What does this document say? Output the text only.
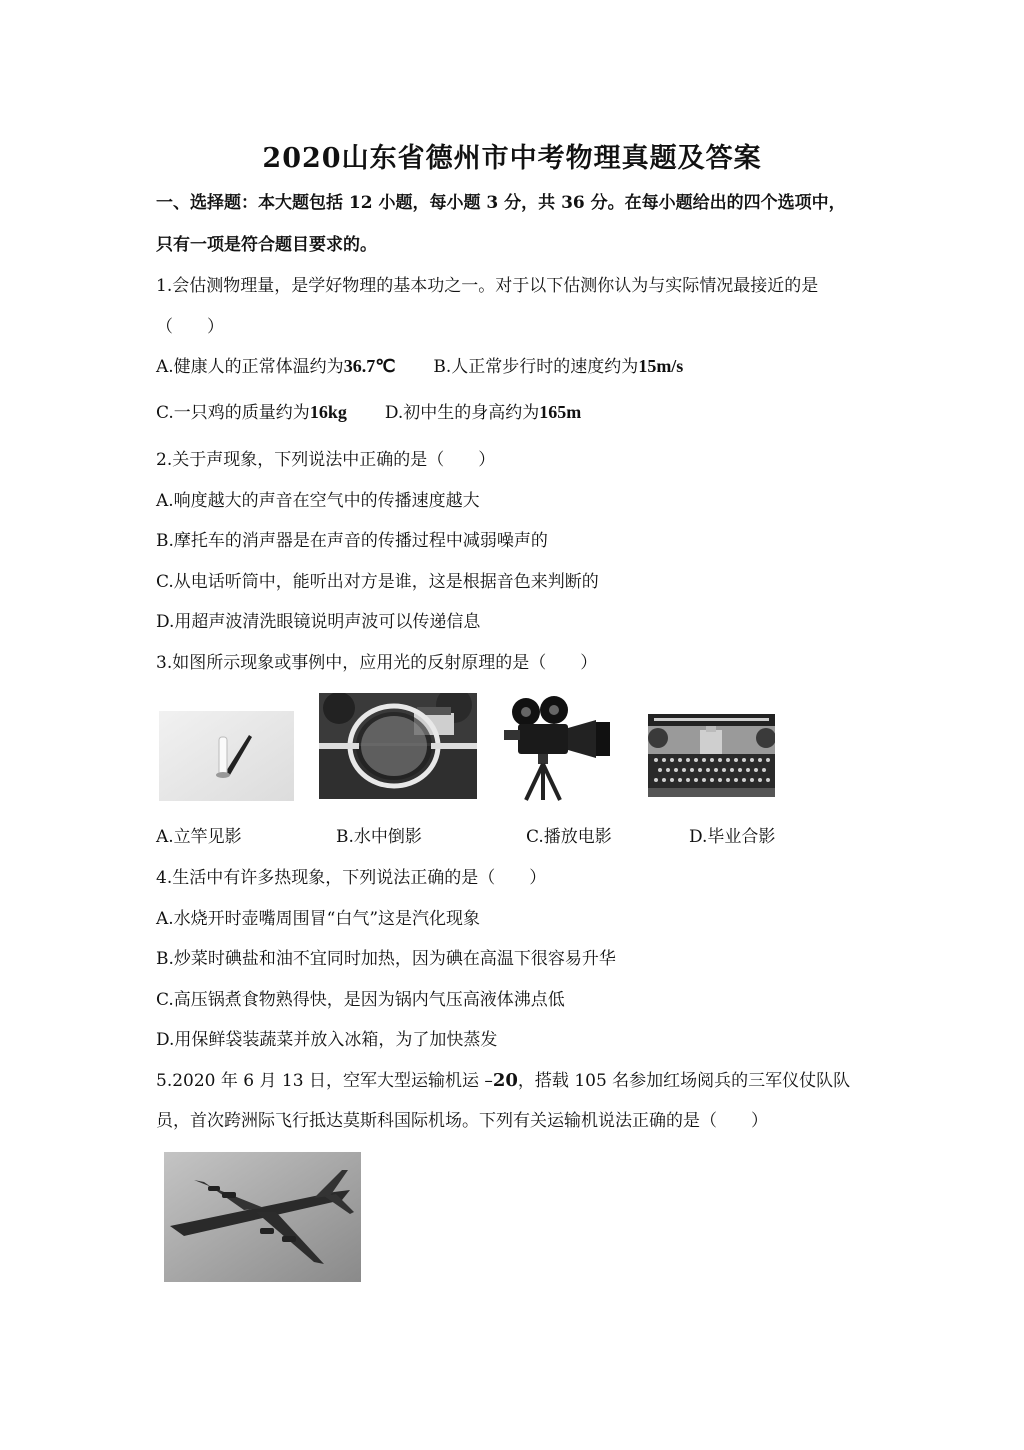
2020山东省德州市中考物理真题及答案
一、选择题：本大题包括 12 小题，每小题 3 分，共 36 分。在每小题给出的四个选项中，
只有一项是符合题目要求的。
1.会估测物理量，是学好物理的基本功之一。对于以下估测你认为与实际情况最接近的是
（　　）
A.健康人的正常体温约为36.7℃ B.人正常步行时的速度约为15m/s
C.一只鸡的质量约为16kg D.初中生的身高约为165m
2.关于声现象，下列说法中正确的是（　　）
A.响度越大的声音在空气中的传播速度越大
B.摩托车的消声器是在声音的传播过程中减弱噪声的
C.从电话听筒中，能听出对方是谁，这是根据音色来判断的
D.用超声波清洗眼镜说明声波可以传递信息
3.如图所示现象或事例中，应用光的反射原理的是（　　）
A.立竿见影	B.水中倒影	C.播放电影	D.毕业合影
4.生活中有许多热现象，下列说法正确的是（　　）
A.水烧开时壶嘴周围冒“白气”这是汽化现象
B.炒菜时碘盐和油不宜同时加热，因为碘在高温下很容易升华
C.高压锅煮食物熟得快，是因为锅内气压高液体沸点低
D.用保鲜袋装蔬菜并放入冰箱，为了加快蒸发
5.2020 年 6 月 13 日，空军大型运输机运 –20，搭载 105 名参加红场阅兵的三军仪仗队队
员，首次跨洲际飞行抵达莫斯科国际机场。下列有关运输机说法正确的是（　　）
